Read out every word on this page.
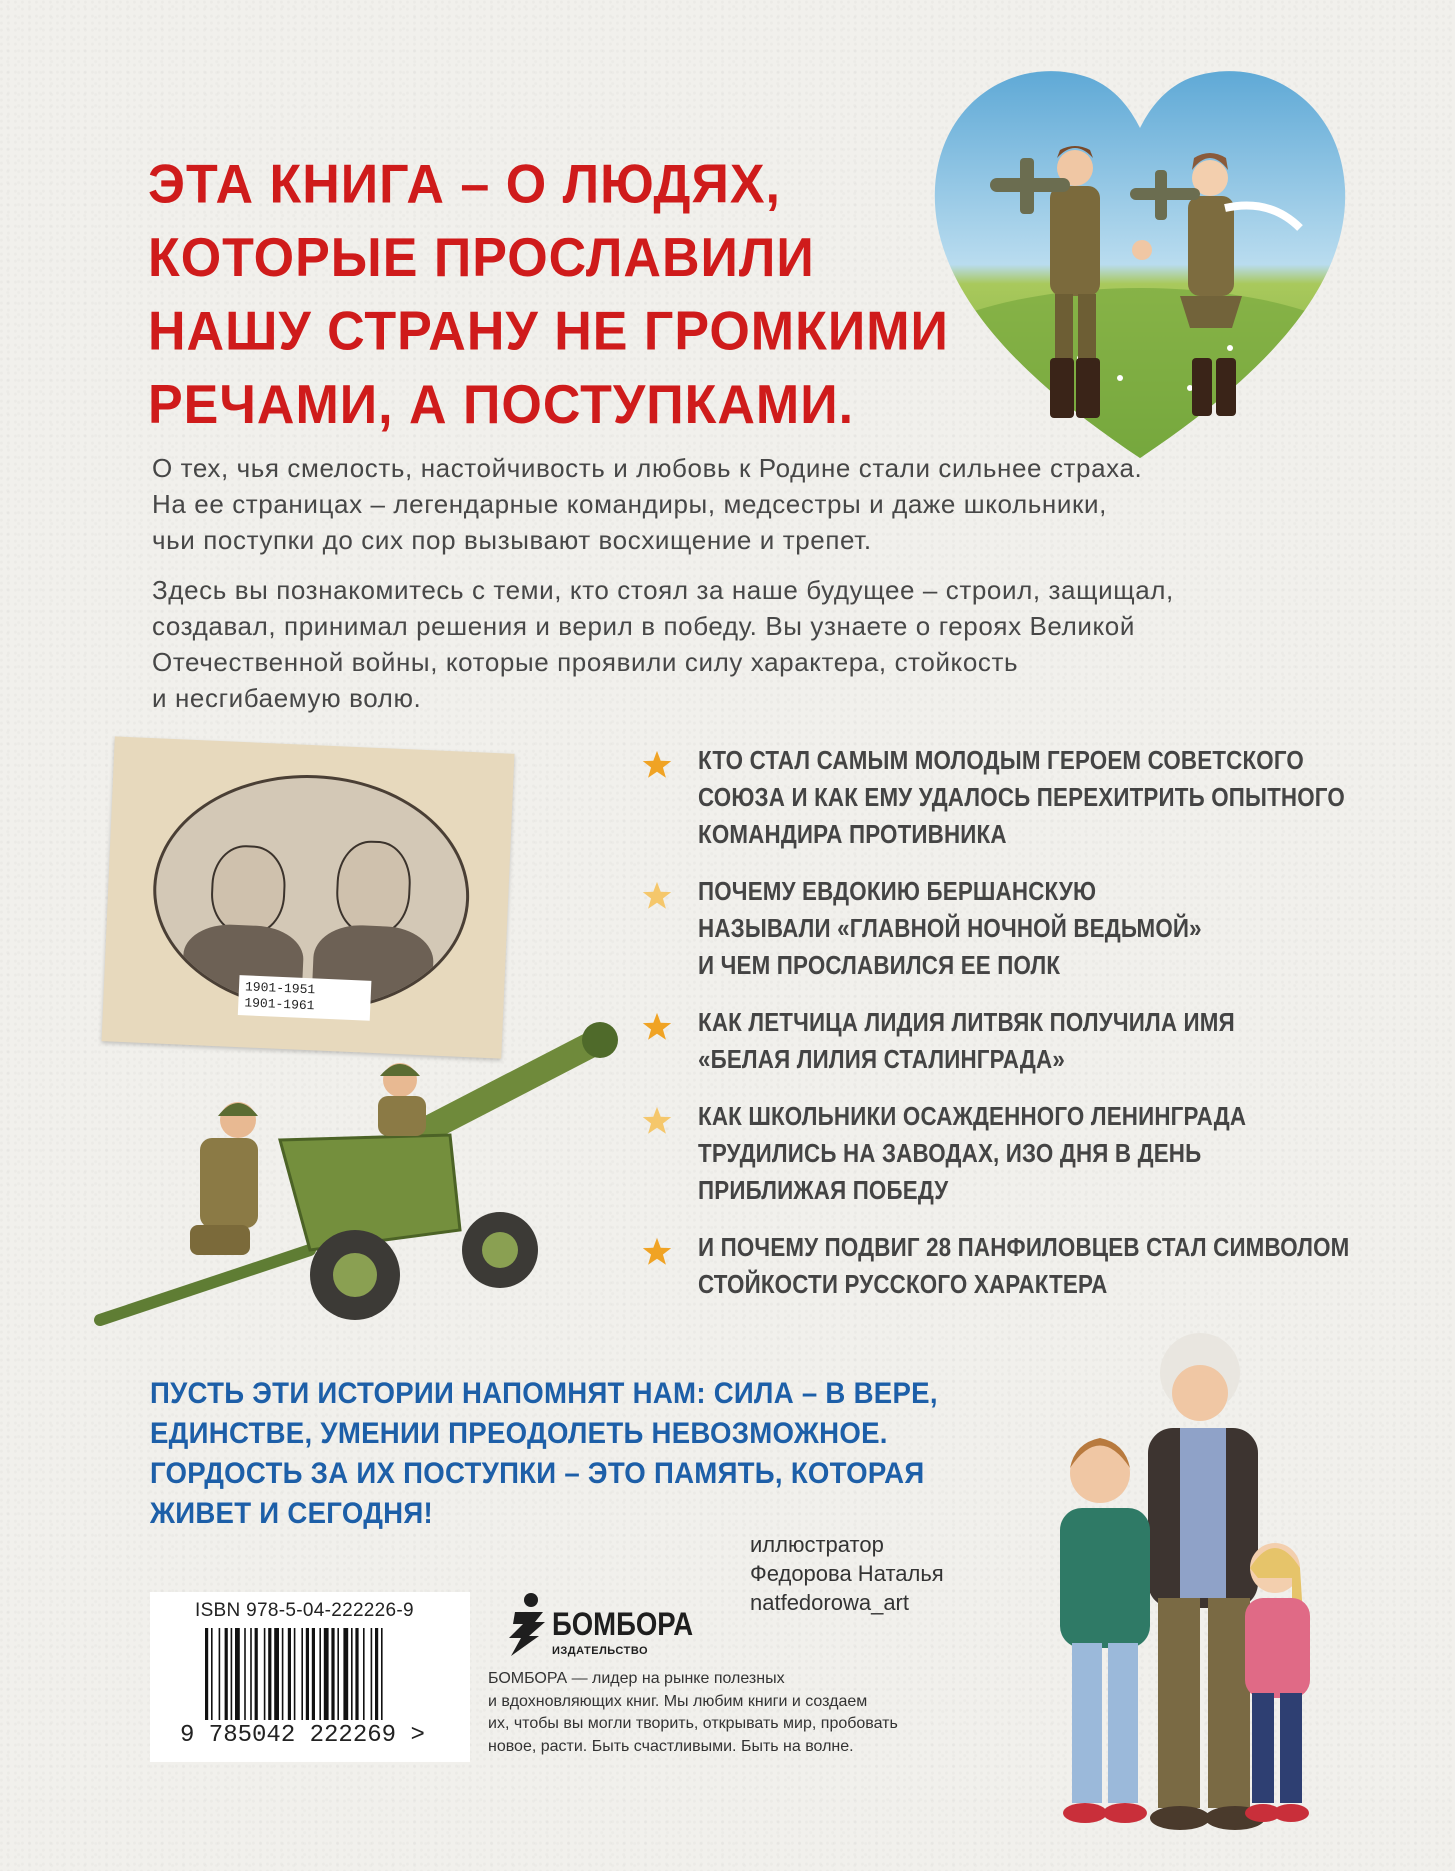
ЭТА КНИГА – О ЛЮДЯХ,
КОТОРЫЕ ПРОСЛАВИЛИ
НАШУ СТРАНУ НЕ ГРОМКИМИ
РЕЧАМИ, А ПОСТУПКАМИ.
О тех, чья смелость, настойчивость и любовь к Родине стали сильнее страха.
На ее страницах – легендарные командиры, медсестры и даже школьники,
чьи поступки до сих пор вызывают восхищение и трепет.
Здесь вы познакомитесь с теми, кто стоял за наше будущее – строил, защищал,
создавал, принимал решения и верил в победу. Вы узнаете о героях Великой
Отечественной войны, которые проявили силу характера, стойкость
и несгибаемую волю.
1901-1951
1901-1961
КТО СТАЛ САМЫМ МОЛОДЫМ ГЕРОЕМ СОВЕТСКОГО
СОЮЗА И КАК ЕМУ УДАЛОСЬ ПЕРЕХИТРИТЬ ОПЫТНОГО
КОМАНДИРА ПРОТИВНИКА
ПОЧЕМУ ЕВДОКИЮ БЕРШАНСКУЮ
НАЗЫВАЛИ «ГЛАВНОЙ НОЧНОЙ ВЕДЬМОЙ»
И ЧЕМ ПРОСЛАВИЛСЯ ЕЕ ПОЛК
КАК ЛЕТЧИЦА ЛИДИЯ ЛИТВЯК ПОЛУЧИЛА ИМЯ
«БЕЛАЯ ЛИЛИЯ СТАЛИНГРАДА»
КАК ШКОЛЬНИКИ ОСАЖДЕННОГО ЛЕНИНГРАДА
ТРУДИЛИСЬ НА ЗАВОДАХ, ИЗО ДНЯ В ДЕНЬ
ПРИБЛИЖАЯ ПОБЕДУ
И ПОЧЕМУ ПОДВИГ 28 ПАНФИЛОВЦЕВ СТАЛ СИМВОЛОМ
СТОЙКОСТИ РУССКОГО ХАРАКТЕРА
ПУСТЬ ЭТИ ИСТОРИИ НАПОМНЯТ НАМ: СИЛА – В ВЕРЕ,
ЕДИНСТВЕ, УМЕНИИ ПРЕОДОЛЕТЬ НЕВОЗМОЖНОЕ.
ГОРДОСТЬ ЗА ИХ ПОСТУПКИ – ЭТО ПАМЯТЬ, КОТОРАЯ
ЖИВЕТ И СЕГОДНЯ!
иллюстратор
Федорова Наталья
natfedorowa_art
ISBN 978-5-04-222226-9
9 785042 222269 >
БОМБОРА
ИЗДАТЕЛЬСТВО
БОМБОРА — лидер на рынке полезных
и вдохновляющих книг. Мы любим книги и создаем
их, чтобы вы могли творить, открывать мир, пробовать
новое, расти. Быть счастливыми. Быть на волне.
